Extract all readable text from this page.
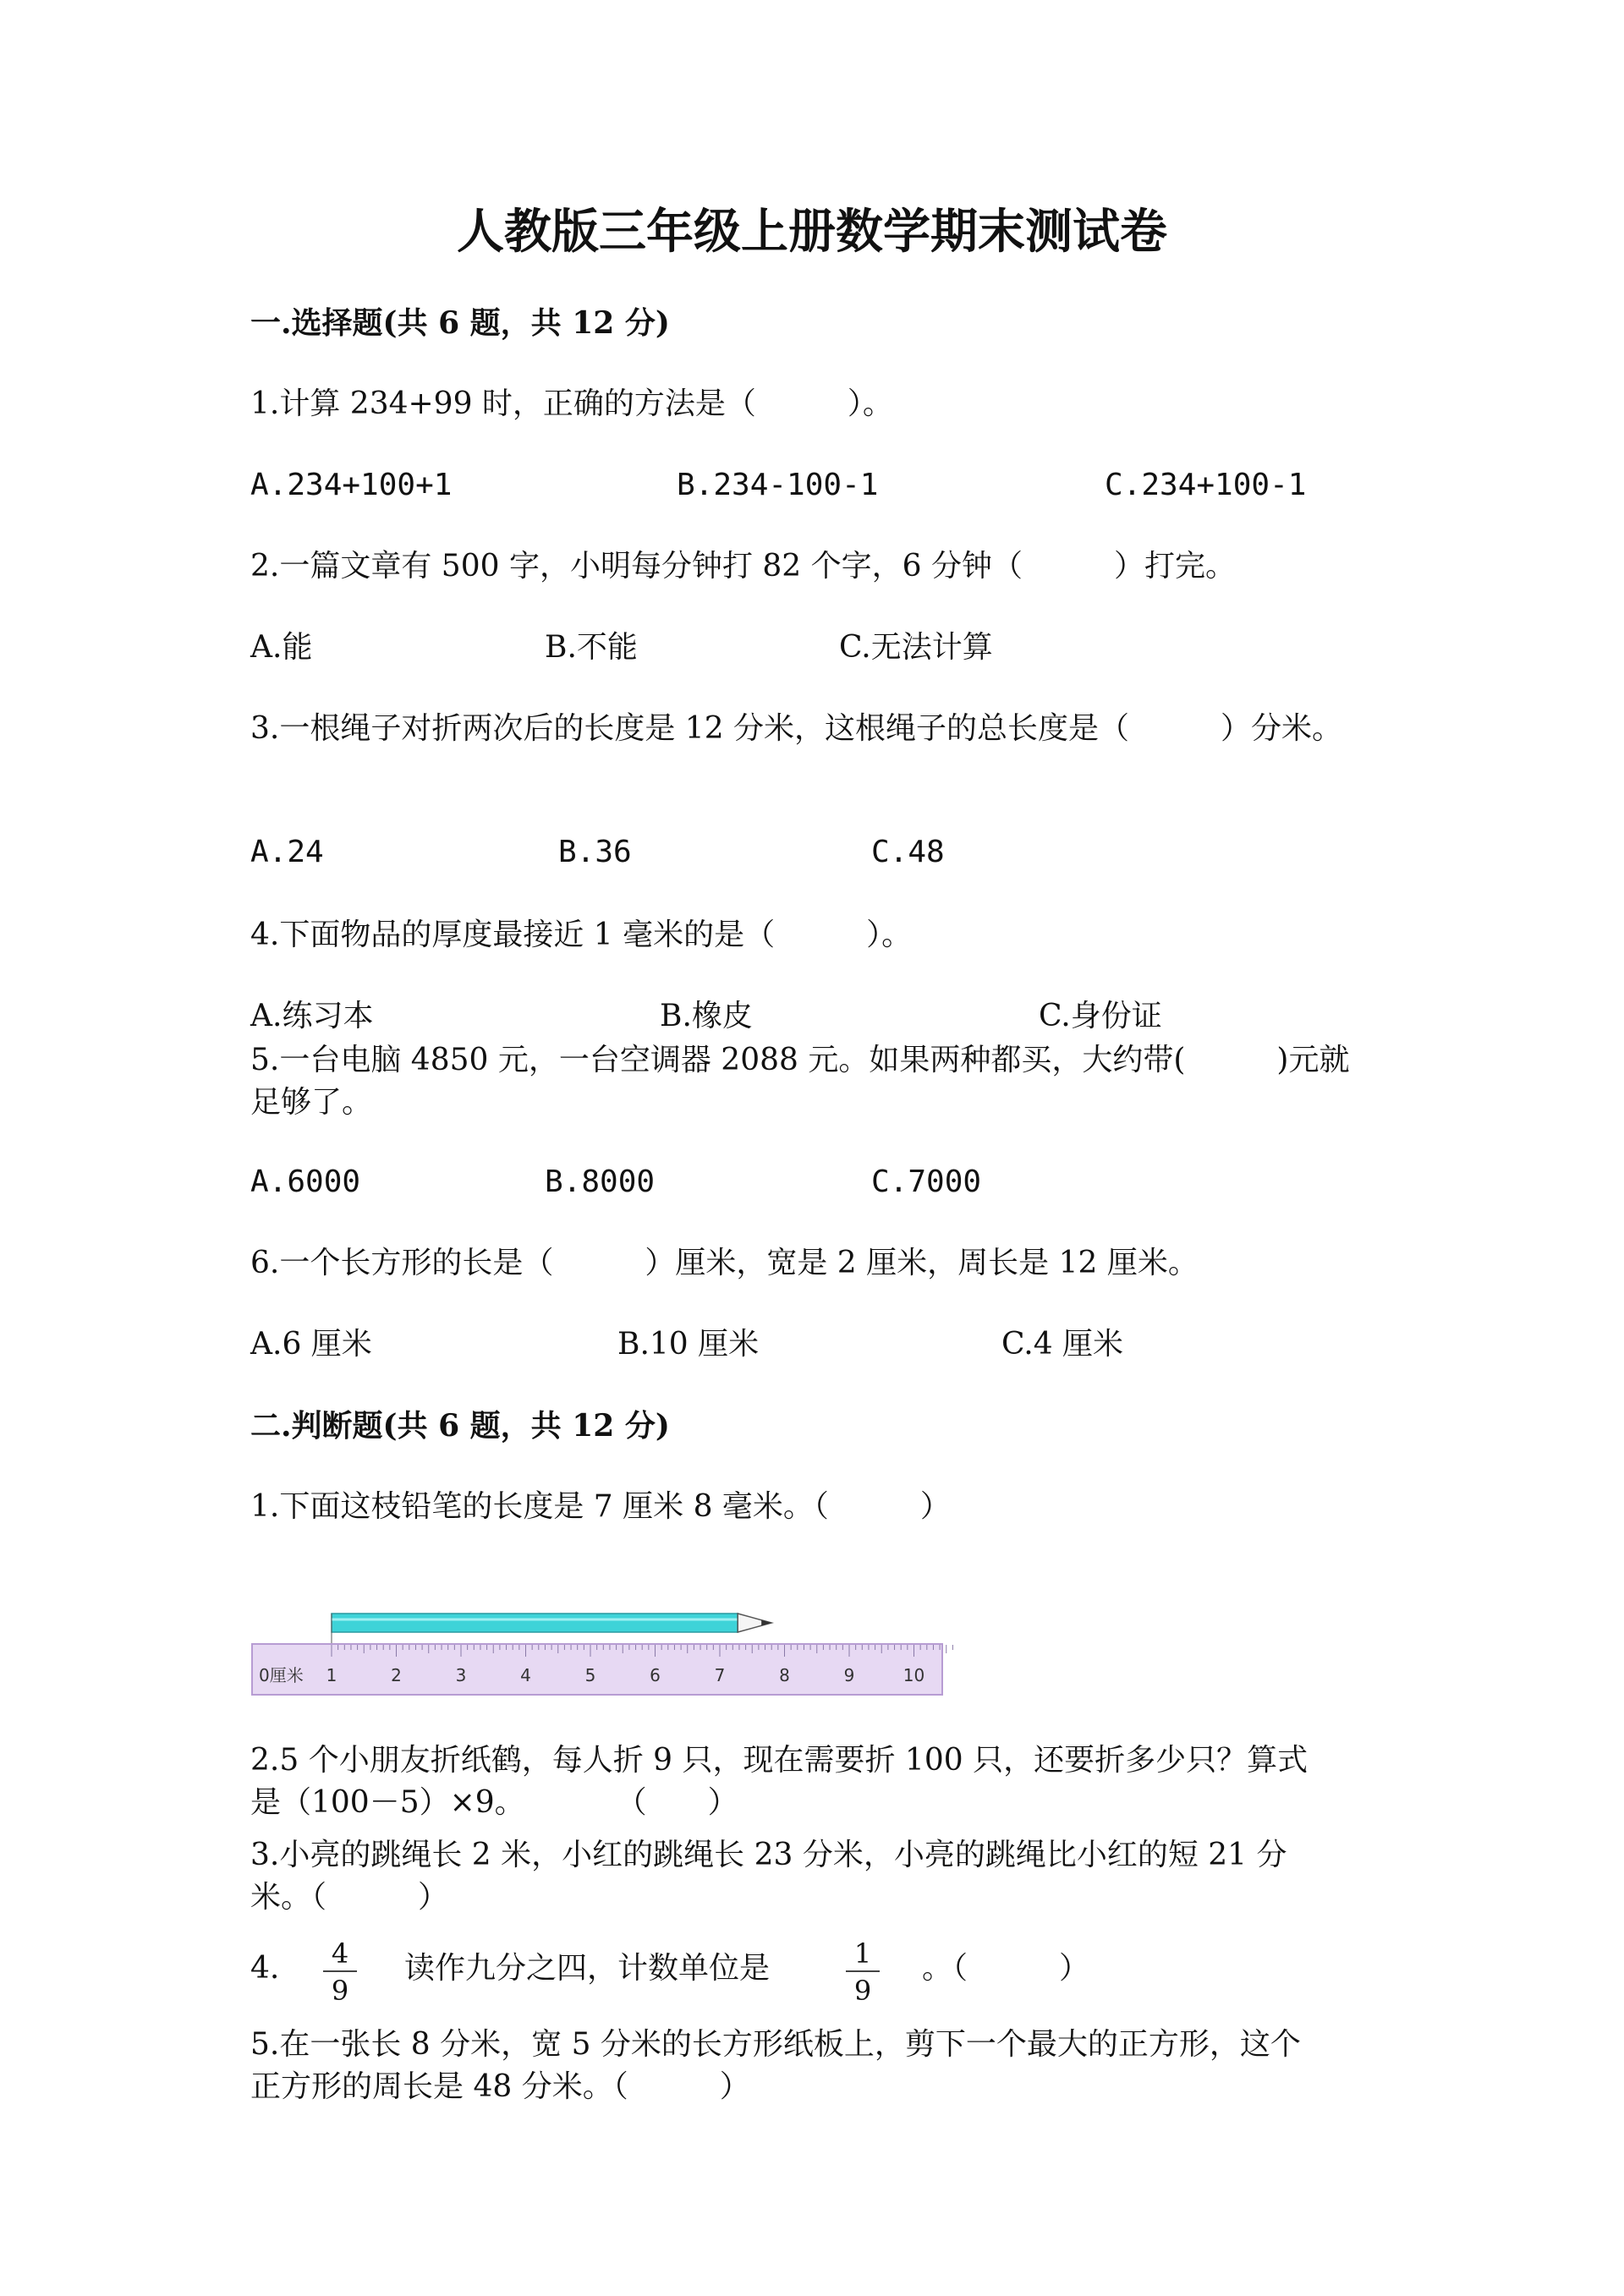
人教版三年级上册数学期末测试卷
一.选择题(共 6 题，共 12 分)
1.计算 234+99 时，正确的方法是（　　　）。
A.234+100+1	B.234-100-1	C.234+100-1
2.一篇文章有 500 字，小明每分钟打 82 个字，6 分钟（　　　）打完。
A.能	B.不能	C.无法计算
3.一根绳子对折两次后的长度是 12 分米，这根绳子的总长度是（　　　）分米。
A.24	B.36	C.48
4.下面物品的厚度最接近 1 毫米的是（　　　）。
A.练习本	B.橡皮	C.身份证
5.一台电脑 4850 元，一台空调器 2088 元。如果两种都买，大约带(　　　)元就
足够了。
A.6000	B.8000	C.7000
6.一个长方形的长是（　　　）厘米，宽是 2 厘米，周长是 12 厘米。
A.6 厘米	B.10 厘米	C.4 厘米
二.判断题(共 6 题，共 12 分)
1.下面这枝铅笔的长度是 7 厘米 8 毫米。（　　　）
0厘米 1	2	3	4	5	6	7	8	9	10
2.5 个小朋友折纸鹤，每人折 9 只，现在需要折 100 只，还要折多少只？算式
是（100－5）×9。　　　　（　　）
3.小亮的跳绳长 2 米，小红的跳绳长 23 分米，小亮的跳绳比小红的短 21 分
米。（　　　）
4. $\frac{4}{9}$ 读作九分之四，计数单位是	$\frac{1}{9}$ 。（　　　）
5.在一张长 8 分米，宽 5 分米的长方形纸板上，剪下一个最大的正方形，这个
正方形的周长是 48 分米。（　　　）
